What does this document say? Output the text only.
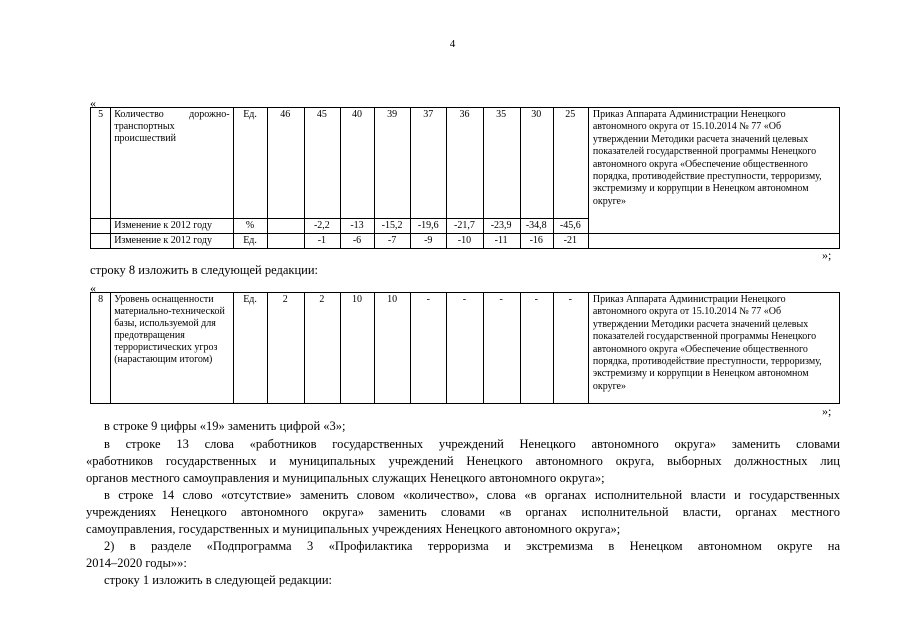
4
«
5	Количество дорожно-транспортных происшествий	Ед.	46	45	40	39	37	36	35	30	25	Приказ Аппарата Администрации Ненецкого автономного округа от 15.10.2014 № 77 «Об утверждении Методики расчета значений целевых показателей государственной программы Ненецкого автономного округа «Обеспечение общественного порядка, противодействие преступности, терроризму, экстремизму и коррупции в Ненецком автономном округе»
	Изменение к 2012 году	%		-2,2	-13	-15,2	-19,6	-21,7	-23,9	-34,8	-45,6	
	Изменение к 2012 году	Ед.		-1	-6	-7	-9	-10	-11	-16	-21	
»;
строку 8 изложить в следующей редакции:
«
8	Уровень оснащенности материально-технической базы, используемой для предотвращения террористических угроз (нарастающим итогом)	Ед.	2	2	10	10	-	-	-	-	-	Приказ Аппарата Администрации Ненецкого автономного округа от 15.10.2014 № 77 «Об утверждении Методики расчета значений целевых показателей государственной программы Ненецкого автономного округа «Обеспечение общественного порядка, противодействие преступности, терроризму, экстремизму и коррупции в Ненецком автономном округе»
»;
в строке 9 цифры «19» заменить цифрой «3»;
в строке 13 слова «работников государственных учреждений Ненецкого автономного округа» заменить словами
«работников государственных и муниципальных учреждений Ненецкого автономного округа, выборных должностных лиц
органов местного самоуправления и муниципальных служащих Ненецкого автономного округа»;
в строке 14 слово «отсутствие» заменить словом «количество», слова «в органах исполнительной власти и государственных
учреждениях Ненецкого автономного округа» заменить словами «в органах исполнительной власти, органах местного
самоуправления, государственных и муниципальных учреждениях Ненецкого автономного округа»;
2) в разделе «Подпрограмма 3 «Профилактика терроризма и экстремизма в Ненецком автономном округе на
2014–2020 годы»»:
строку 1 изложить в следующей редакции:
